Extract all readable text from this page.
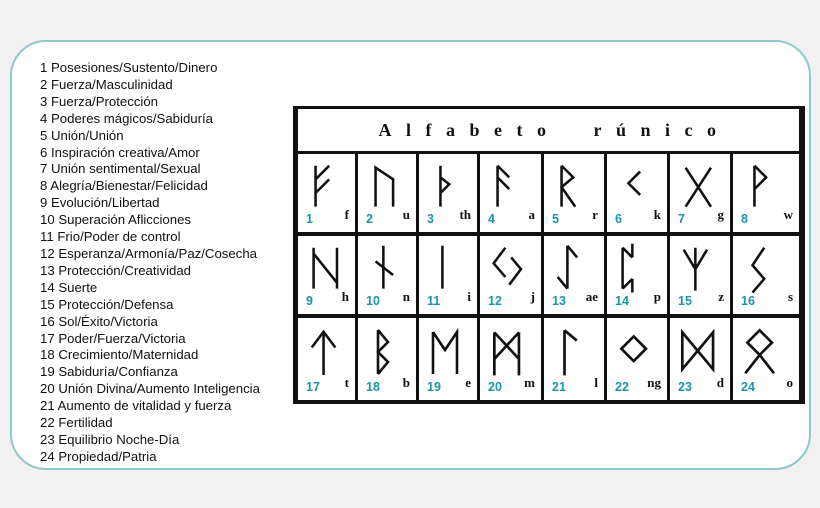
1 Posesiones/Sustento/Dinero
2 Fuerza/Masculinidad
3 Fuerza/Protección
4 Poderes mágicos/Sabiduría
5 Unión/Unión
6 Inspiración creativa/Amor
7 Unión sentimental/Sexual
8 Alegría/Bienestar/Felicidad
9 Evolución/Libertad
10 Superación Aflicciones
11 Frio/Poder de control
12 Esperanza/Armonía/Paz/Cosecha
13 Protección/Creatividad
14 Suerte
15 Protección/Defensa
16 Sol/Éxito/Victoria
17 Poder/Fuerza/Victoria
18 Crecimiento/Maternidad
19 Sabiduría/Confianza
20 Unión Divina/Aumento Inteligencia
21 Aumento de vitalidad y fuerza
22 Fertilidad
23 Equilibrio Noche-Día
24 Propiedad/Patria
Alfabeto rúnico
1 f 2 u 3 th 4	a 5	r 6 k 7	g 8	w
9 h 10 n 11 i 12 j 13 ae 14 p 15 z 16	s
17 t 18 b 19 e 20 m 21 l 22 ng 23 d 24 o
